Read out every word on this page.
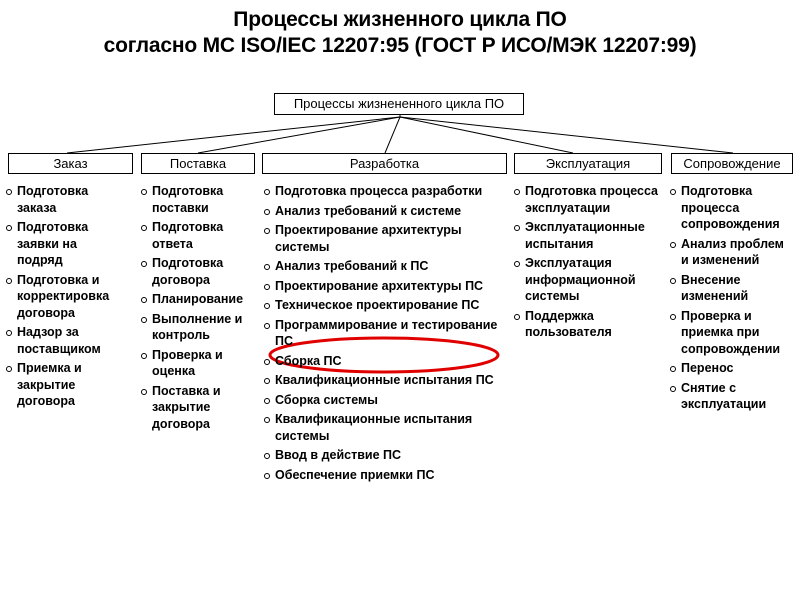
Процессы жизненного цикла ПО
согласно МС ISO/IEC 12207:95 (ГОСТ Р ИСО/МЭК 12207:99)
Процессы жизнененного цикла ПО
Заказ	Поставка	Разработка	Эксплуатация	Сопровождение
Подготовка заказа
Подготовка заявки на подряд
Подготовка и корректировка договора
Надзор за поставщиком
Приемка и закрытие договора
Подготовка поставки
Подготовка ответа
Подготовка договора
Планирование
Выполнение и контроль
Проверка и оценка
Поставка и закрытие договора
Подготовка процесса разработки
Анализ требований к системе
Проектирование архитектуры системы
Анализ требований к ПС
Проектирование архитектуры ПС
Техническое проектирование ПС
Программирование и тестирование ПС
Сборка ПС
Квалификационные испытания ПС
Сборка системы
Квалификационные испытания системы
Ввод в действие ПС
Обеспечение приемки ПС
Подготовка процесса эксплуатации
Эксплуатационные испытания
Эксплуатация информационной системы
Поддержка пользователя
Подготовка процесса сопровождения
Анализ проблем и изменений
Внесение изменений
Проверка и приемка при сопровождении
Перенос
Снятие с эксплуатации
